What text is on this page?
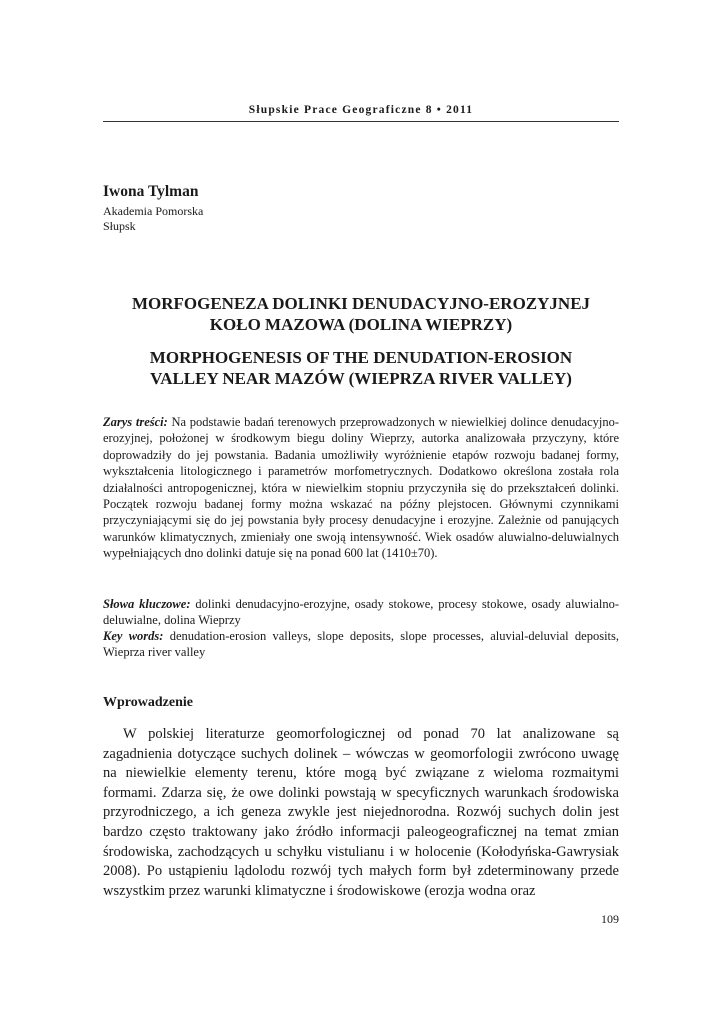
Słupskie Prace Geograficzne 8 • 2011
Iwona Tylman
Akademia Pomorska
Słupsk
MORFOGENEZA DOLINKI DENUDACYJNO-EROZYJNEJ
KOŁO MAZOWA (DOLINA WIEPRZY)
MORPHOGENESIS OF THE DENUDATION-EROSION
VALLEY NEAR MAZÓW (WIEPRZA RIVER VALLEY)
Zarys treści: Na podstawie badań terenowych przeprowadzonych w niewielkiej dolince denudacyjno-erozyjnej, położonej w środkowym biegu doliny Wieprzy, autorka analizowała przyczyny, które doprowadziły do jej powstania. Badania umożliwiły wyróżnienie etapów rozwoju badanej formy, wykształcenia litologicznego i parametrów morfometrycznych. Dodatkowo określona została rola działalności antropogenicznej, która w niewielkim stopniu przyczyniła się do przekształceń dolinki. Początek rozwoju badanej formy można wskazać na późny plejstocen. Głównymi czynnikami przyczyniającymi się do jej powstania były procesy denudacyjne i erozyjne. Zależnie od panujących warunków klimatycznych, zmieniały one swoją intensywność. Wiek osadów aluwialno-deluwialnych wypełniających dno dolinki datuje się na ponad 600 lat (1410±70).
Słowa kluczowe: dolinki denudacyjno-erozyjne, osady stokowe, procesy stokowe, osady aluwialno-deluwialne, dolina Wieprzy
Key words: denudation-erosion valleys, slope deposits, slope processes, aluvial-deluvial deposits, Wieprza river valley
Wprowadzenie
W polskiej literaturze geomorfologicznej od ponad 70 lat analizowane są zagadnienia dotyczące suchych dolinek – wówczas w geomorfologii zwrócono uwagę na niewielkie elementy terenu, które mogą być związane z wieloma rozmaitymi formami. Zdarza się, że owe dolinki powstają w specyficznych warunkach środowiska przyrodniczego, a ich geneza zwykle jest niejednorodna. Rozwój suchych dolin jest bardzo często traktowany jako źródło informacji paleogeograficznej na temat zmian środowiska, zachodzących u schyłku vistulianu i w holocenie (Kołodyńska-Gawrysiak 2008). Po ustąpieniu lądolodu rozwój tych małych form był zdeterminowany przede wszystkim przez warunki klimatyczne i środowiskowe (erozja wodna oraz
109
